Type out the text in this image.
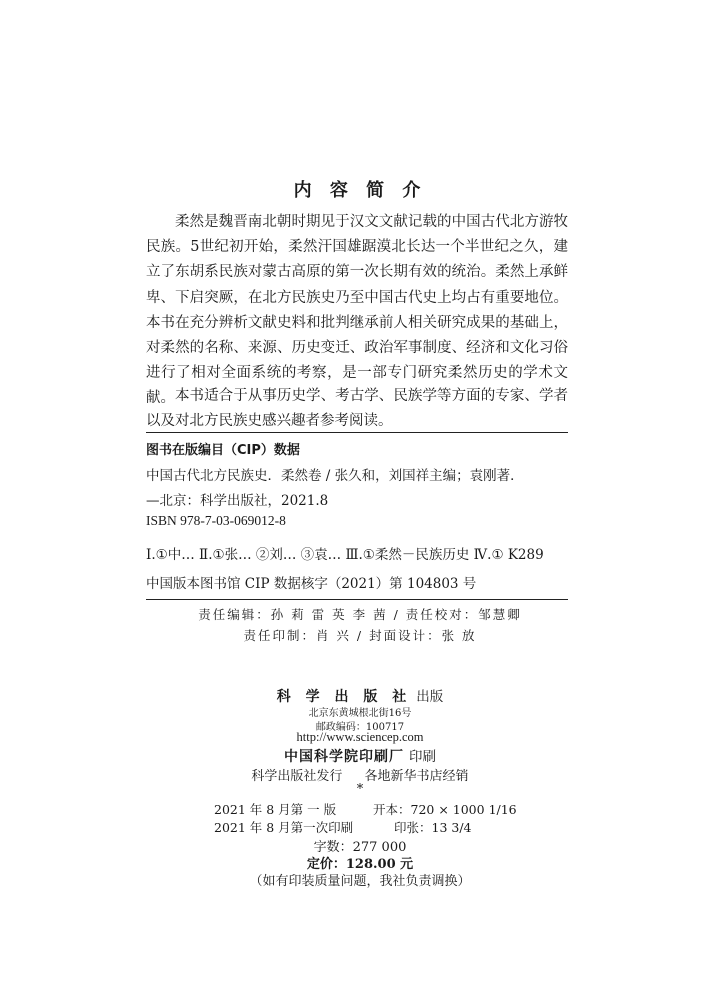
内 容 简 介

柔然是魏晋南北朝时期见于汉文文献记载的中国古代北方游牧民族。5世纪初开始，柔然汗国雄踞漠北长达一个半世纪之久，建立了东胡系民族对蒙古高原的第一次长期有效的统治。柔然上承鲜卑、下启突厥，在北方民族史乃至中国古代史上均占有重要地位。本书在充分辨析文献史料和批判继承前人相关研究成果的基础上，对柔然的名称、来源、历史变迁、政治军事制度、经济和文化习俗进行了相对全面系统的考察，是一部专门研究柔然历史的学术文献。 本书适合于从事历史学、考古学、民族学等方面的专家、学者以及对北方民族史感兴趣者参考阅读。

图书在版编目（CIP）数据
中国古代北方民族史．柔然卷 / 张久和，刘国祥主编；袁刚著．
—北京：科学出版社，2021.8
ISBN 978-7-03-069012-8
Ⅰ.①中… Ⅱ.①张… ②刘… ③袁… Ⅲ.①柔然－民族历史 Ⅳ.① K289
中国版本图书馆 CIP 数据核字（2021）第 104803 号
责任编辑：孙 莉 雷 英 李 茜 / 责任校对：邹慧卿
责任印制：肖 兴 / 封面设计：张 放
科 学 出 版 社 出版
北京东黄城根北街16号
邮政编码：100717
http://www.sciencep.com
中国科学院印刷厂 印刷
科学出版社发行 各地新华书店经销
*
2021 年 8 月第 一 版	开本：720 × 1000 1/16
2021 年 8 月第一次印刷	印张：13 3/4
字数：277 000
定价：128.00 元
（如有印装质量问题，我社负责调换）
